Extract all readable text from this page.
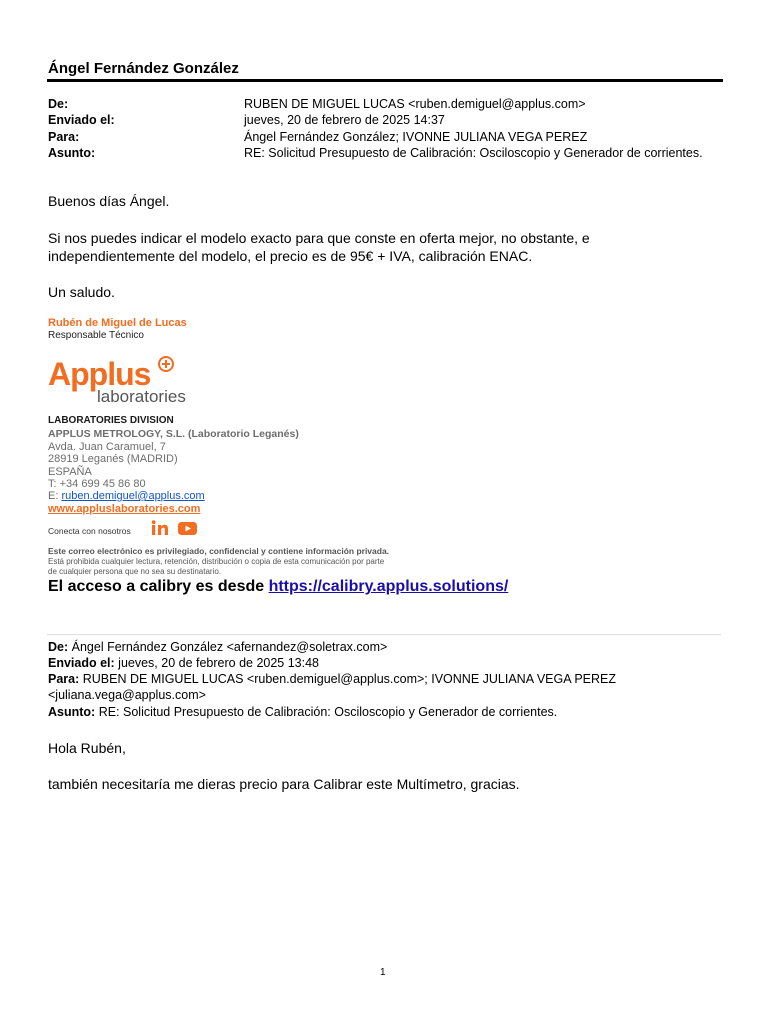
Ángel Fernández González
De:	RUBEN DE MIGUEL LUCAS <ruben.demiguel@applus.com>
Enviado el:	jueves, 20 de febrero de 2025 14:37
Para:	Ángel Fernández González; IVONNE JULIANA VEGA PEREZ
Asunto:	RE: Solicitud Presupuesto de Calibración: Osciloscopio y Generador de corrientes.
Buenos días Ángel.
Si nos puedes indicar el modelo exacto para que conste en oferta mejor, no obstante, e
independientemente del modelo, el precio es de 95€ + IVA, calibración ENAC.
Un saludo.
Rubén de Miguel de Lucas
Responsable Técnico
Applus
laboratories
LABORATORIES DIVISION
APPLUS METROLOGY, S.L. (Laboratorio Leganés)
Avda. Juan Caramuel, 7
28919 Leganés (MADRID)
ESPAÑA
T: +34 699 45 86 80
E: ruben.demiguel@applus.com
www.appluslaboratories.com
Conecta con nosotros
Este correo electrónico es privilegiado, confidencial y contiene información privada.
Está prohibida cualquier lectura, retención, distribución o copia de esta comunicación por parte
de cualquier persona que no sea su destinatario.
El acceso a calibry es desde https://calibry.applus.solutions/
De: Ángel Fernández González <afernandez@soletrax.com>
Enviado el: jueves, 20 de febrero de 2025 13:48
Para: RUBEN DE MIGUEL LUCAS <ruben.demiguel@applus.com>; IVONNE JULIANA VEGA PEREZ
<juliana.vega@applus.com>
Asunto: RE: Solicitud Presupuesto de Calibración: Osciloscopio y Generador de corrientes.
Hola Rubén,
también necesitaría me dieras precio para Calibrar este Multímetro, gracias.
1
